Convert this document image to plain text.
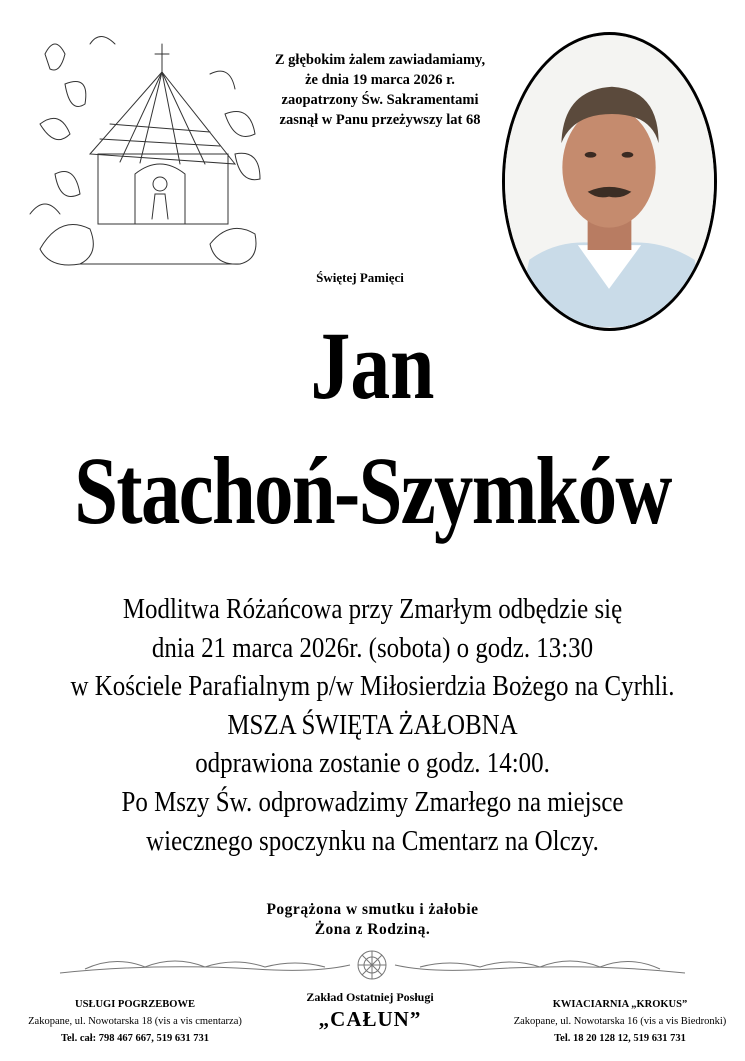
Z głębokim żalem zawiadamiamy,
że dnia 19 marca 2026 r.
zaopatrzony Św. Sakramentami
zasnął w Panu przeżywszy lat 68
Świętej Pamięci
Jan
Stachoń-Szymków
Modlitwa Różańcowa przy Zmarłym odbędzie się
dnia 21 marca 2026r. (sobota) o godz. 13:30
w Kościele Parafialnym p/w Miłosierdzia Bożego na Cyrhli.
MSZA ŚWIĘTA ŻAŁOBNA
odprawiona zostanie o godz. 14:00.
Po Mszy Św. odprowadzimy Zmarłego na miejsce
wiecznego spoczynku na Cmentarz na Olczy.
Pogrążona w smutku i żałobie
Żona z Rodziną.
USŁUGI POGRZEBOWE
Zakopane, ul. Nowotarska 18 (vis a vis cmentarza)
Tel. cał: 798 467 667, 519 631 731
Zakład Ostatniej Posługi
„CAŁUN”
KWIACIARNIA „KROKUS”
Zakopane, ul. Nowotarska 16 (vis a vis Biedronki)
Tel. 18 20 128 12, 519 631 731
